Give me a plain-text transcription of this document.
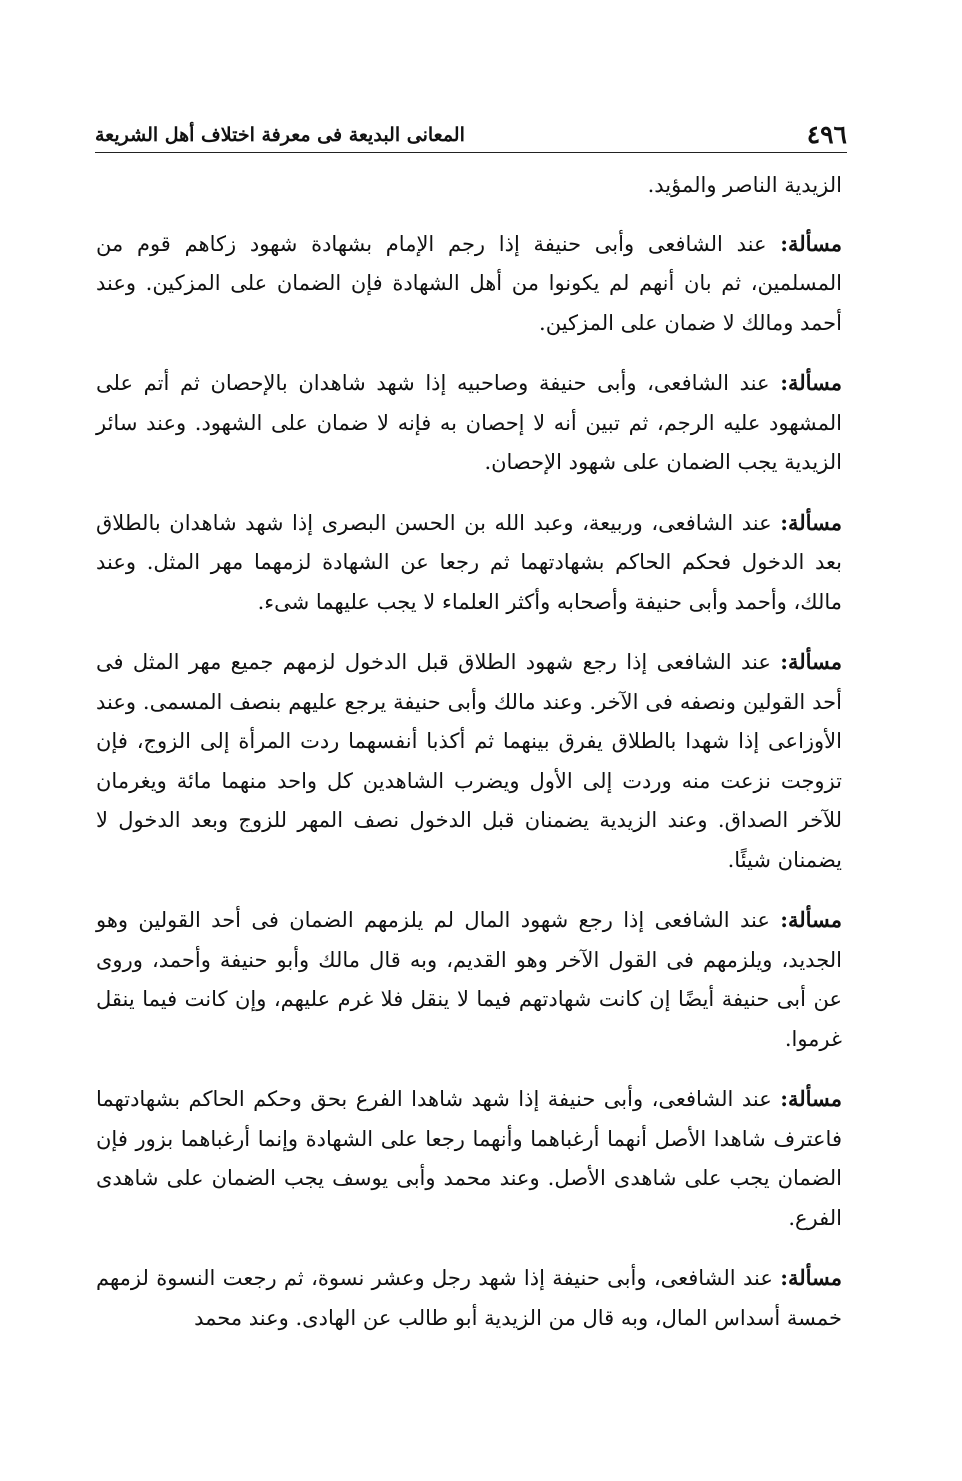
٤٩٦
المعانى البديعة فى معرفة اختلاف أهل الشريعة

الزيدية الناصر والمؤيد.

مسألة: عند الشافعى وأبى حنيفة إذا رجم الإمام بشهادة شهود زكاهم قوم من المسلمين، ثم بان أنهم لم يكونوا من أهل الشهادة فإن الضمان على المزكين. وعند أحمد ومالك لا ضمان على المزكين.

مسألة: عند الشافعى، وأبى حنيفة وصاحبيه إذا شهد شاهدان بالإحصان ثم أتم على المشهود عليه الرجم، ثم تبين أنه لا إحصان به فإنه لا ضمان على الشهود. وعند سائر الزيدية يجب الضمان على شهود الإحصان.

مسألة: عند الشافعى، وربيعة، وعبد الله بن الحسن البصرى إذا شهد شاهدان بالطلاق بعد الدخول فحكم الحاكم بشهادتهما ثم رجعا عن الشهادة لزمهما مهر المثل. وعند مالك، وأحمد وأبى حنيفة وأصحابه وأكثر العلماء لا يجب عليهما شىء.

مسألة: عند الشافعى إذا رجع شهود الطلاق قبل الدخول لزمهم جميع مهر المثل فى أحد القولين ونصفه فى الآخر. وعند مالك وأبى حنيفة يرجع عليهم بنصف المسمى. وعند الأوزاعى إذا شهدا بالطلاق يفرق بينهما ثم أكذبا أنفسهما ردت المرأة إلى الزوج، فإن تزوجت نزعت منه وردت إلى الأول ويضرب الشاهدين كل واحد منهما مائة ويغرمان للآخر الصداق. وعند الزيدية يضمنان قبل الدخول نصف المهر للزوج وبعد الدخول لا يضمنان شيئًا.

مسألة: عند الشافعى إذا رجع شهود المال لم يلزمهم الضمان فى أحد القولين وهو الجديد، ويلزمهم فى القول الآخر وهو القديم، وبه قال مالك وأبو حنيفة وأحمد، وروى عن أبى حنيفة أيضًا إن كانت شهادتهم فيما لا ينقل فلا غرم عليهم، وإن كانت فيما ينقل غرموا.

مسألة: عند الشافعى، وأبى حنيفة إذا شهد شاهدا الفرع بحق وحكم الحاكم بشهادتهما فاعترف شاهدا الأصل أنهما أرغباهما وأنهما رجعا على الشهادة وإنما أرغباهما بزور فإن الضمان يجب على شاهدى الأصل. وعند محمد وأبى يوسف يجب الضمان على شاهدى الفرع.

مسألة: عند الشافعى، وأبى حنيفة إذا شهد رجل وعشر نسوة، ثم رجعت النسوة لزمهم خمسة أسداس المال، وبه قال من الزيدية أبو طالب عن الهادى. وعند محمد
